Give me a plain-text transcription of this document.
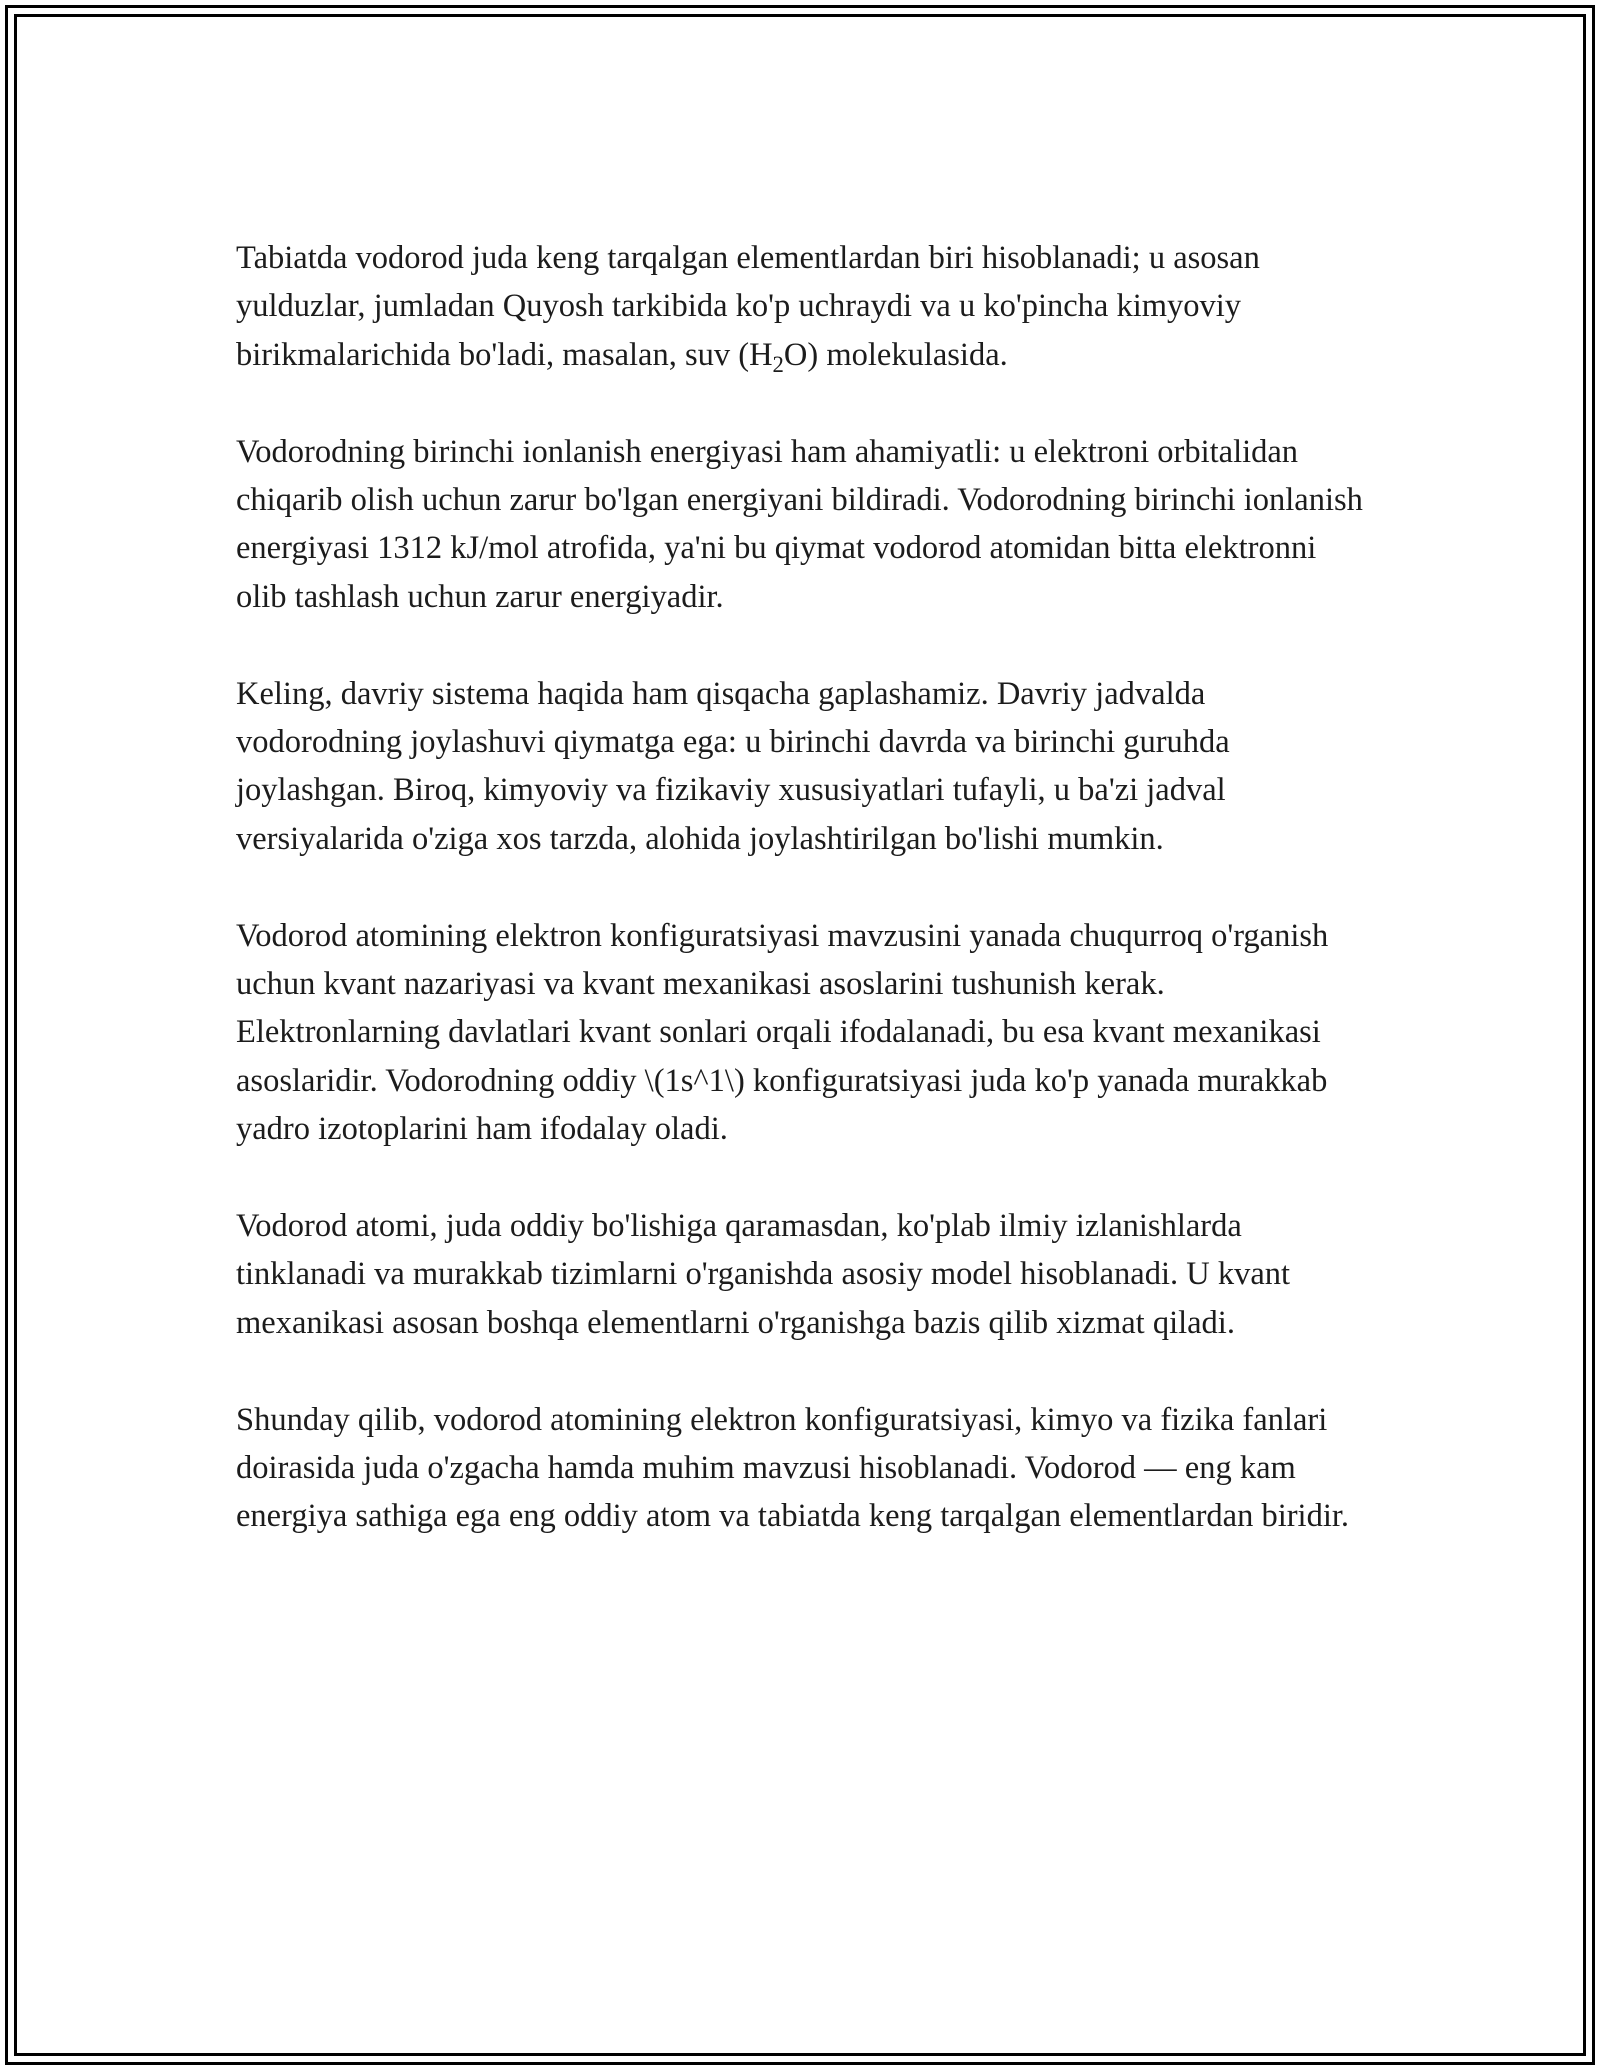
Tabiatda vodorod juda keng tarqalgan elementlardan biri hisoblanadi; u asosan yulduzlar, jumladan Quyosh tarkibida ko'p uchraydi va u ko'pincha kimyoviy birikmalarichida bo'ladi, masalan, suv $(H_2O)$ molekulasida.

Vodorodning birinchi ionlanish energiyasi ham ahamiyatli: u elektroni orbitalidan chiqarib olish uchun zarur bo'lgan energiyani bildiradi. Vodorodning birinchi ionlanish energiyasi 1312 kJ/mol atrofida, ya'ni bu qiymat vodorod atomidan bitta elektronni olib tashlash uchun zarur energiyadir.

Keling, davriy sistema haqida ham qisqacha gaplashamiz. Davriy jadvalda vodorodning joylashuvi qiymatga ega: u birinchi davrda va birinchi guruhda joylashgan. Biroq, kimyoviy va fizikaviy xususiyatlari tufayli, u ba'zi jadval versiyalarida o'ziga xos tarzda, alohida joylashtirilgan bo'lishi mumkin.

Vodorod atomining elektron konfiguratsiyasi mavzusini yanada chuqurroq o'rganish uchun kvant nazariyasi va kvant mexanikasi asoslarini tushunish kerak. Elektronlarning davlatlari kvant sonlari orqali ifodalanadi, bu esa kvant mexanikasi asoslaridir. Vodorodning oddiy \(1s^1\) konfiguratsiyasi juda ko'p yanada murakkab yadro izotoplarini ham ifodalay oladi.

Vodorod atomi, juda oddiy bo'lishiga qaramasdan, ko'plab ilmiy izlanishlarda tinklanadi va murakkab tizimlarni o'rganishda asosiy model hisoblanadi. U kvant mexanikasi asosan boshqa elementlarni o'rganishga bazis qilib xizmat qiladi.

Shunday qilib, vodorod atomining elektron konfiguratsiyasi, kimyo va fizika fanlari doirasida juda o'zgacha hamda muhim mavzusi hisoblanadi. Vodorod — eng kam energiya sathiga ega eng oddiy atom va tabiatda keng tarqalgan elementlardan biridir.
